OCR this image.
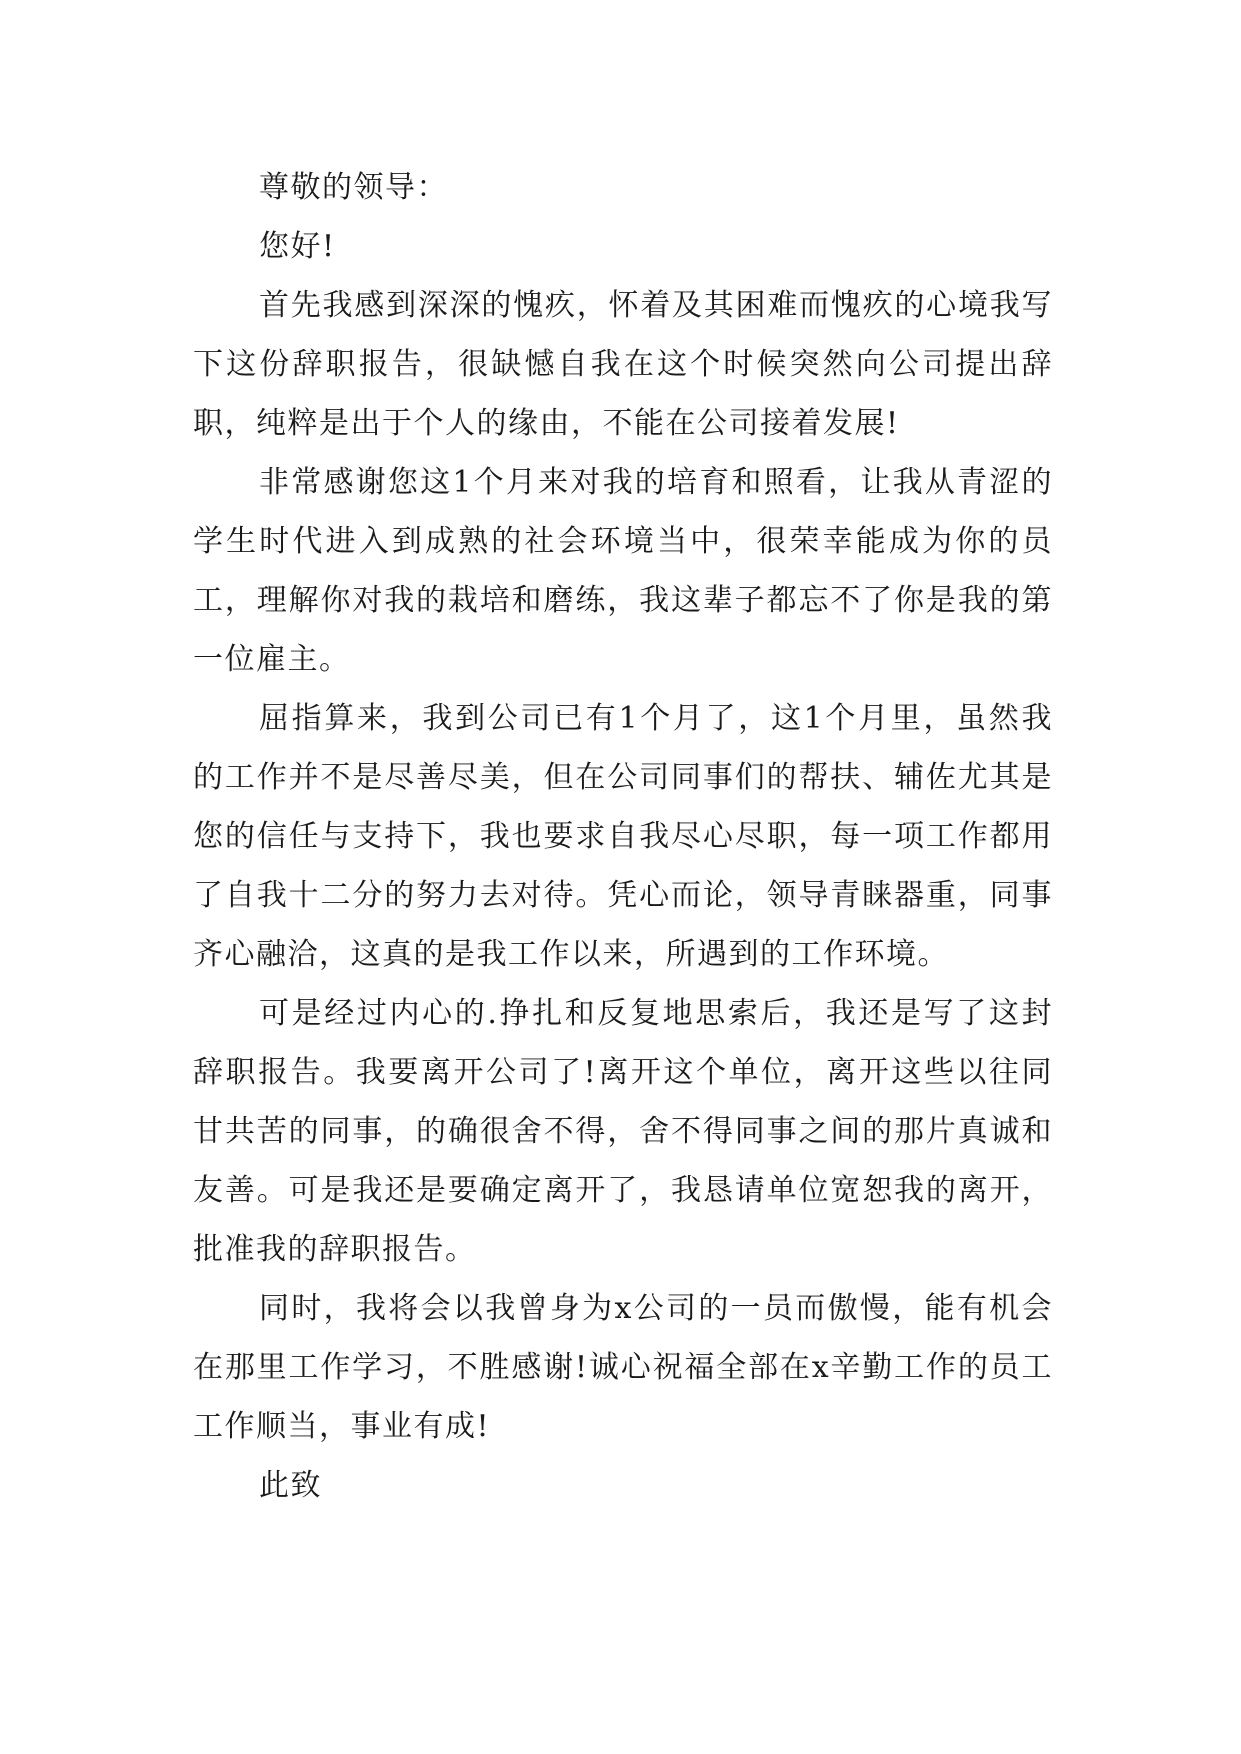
尊敬的领导：

您好!

首先我感到深深的愧疚，怀着及其困难而愧疚的心境我写下这份辞职报告，很缺憾自我在这个时候突然向公司提出辞职，纯粹是出于个人的缘由，不能在公司接着发展!

非常感谢您这1个月来对我的培育和照看，让我从青涩的学生时代进入到成熟的社会环境当中，很荣幸能成为你的员工，理解你对我的栽培和磨练，我这辈子都忘不了你是我的第一位雇主。

屈指算来，我到公司已有1个月了，这1个月里，虽然我的工作并不是尽善尽美，但在公司同事们的帮扶、辅佐尤其是您的信任与支持下，我也要求自我尽心尽职，每一项工作都用了自我十二分的努力去对待。凭心而论，领导青睐器重，同事齐心融洽，这真的是我工作以来，所遇到的工作环境。

可是经过内心的.挣扎和反复地思索后，我还是写了这封辞职报告。我要离开公司了!离开这个单位，离开这些以往同甘共苦的同事，的确很舍不得，舍不得同事之间的那片真诚和友善。可是我还是要确定离开了，我恳请单位宽恕我的离开，批准我的辞职报告。

同时，我将会以我曾身为x公司的一员而傲慢，能有机会在那里工作学习，不胜感谢!诚心祝福全部在x辛勤工作的员工工作顺当，事业有成!

此致
